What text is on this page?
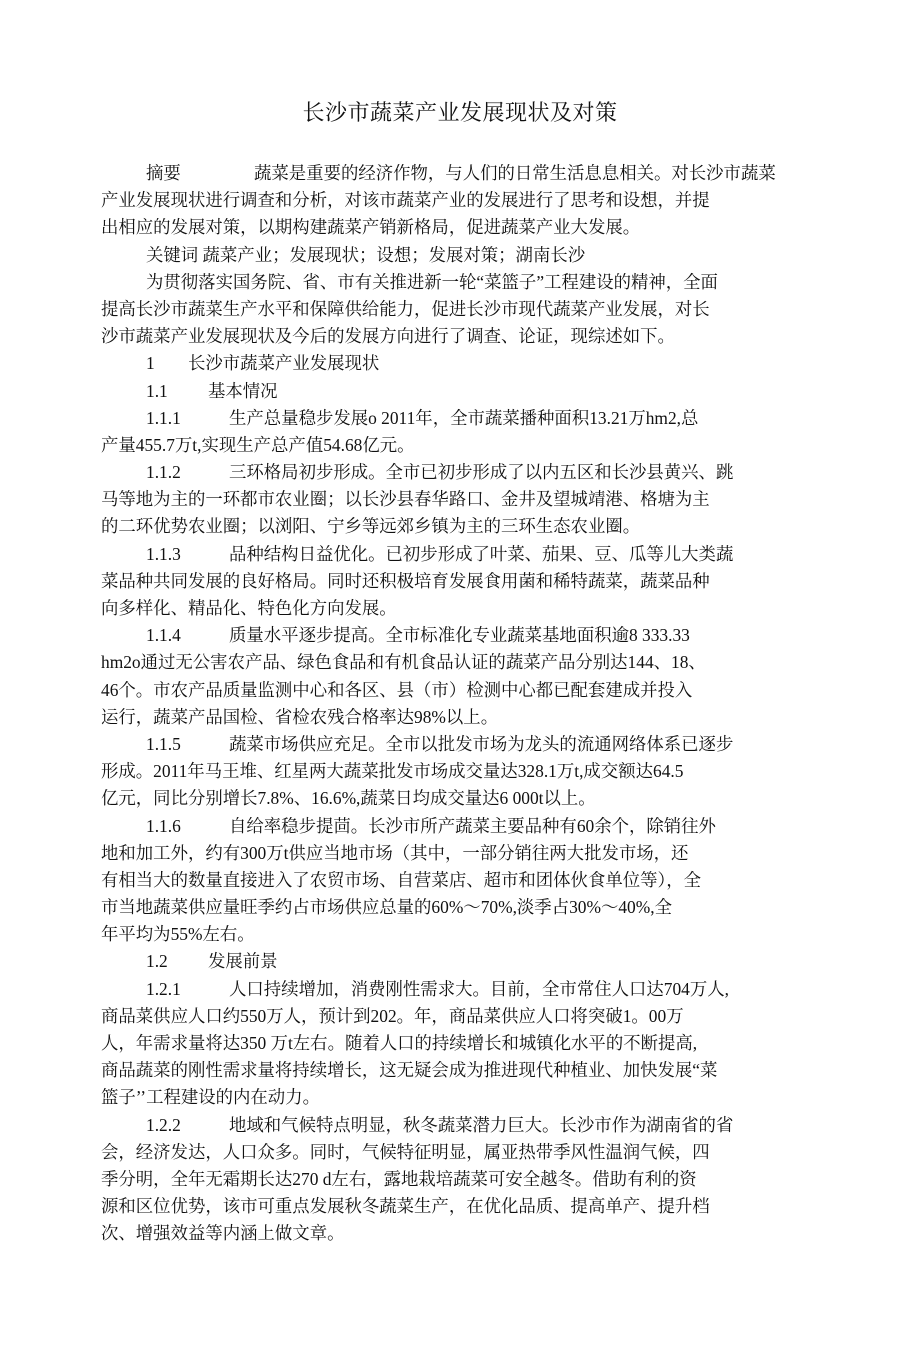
长沙市蔬菜产业发展现状及对策
摘要	蔬菜是重要的经济作物，与人们的日常生活息息相关。对长沙市蔬菜
产业发展现状进行调查和分析，对该市蔬菜产业的发展进行了思考和设想，并提
出相应的发展对策，以期构建蔬菜产销新格局，促进蔬菜产业大发展。
关键词 蔬菜产业；发展现状；设想；发展对策；湖南长沙
为贯彻落实国务院、省、市有关推进新一轮“菜篮子”工程建设的精神，全面
提高长沙市蔬菜生产水平和保障供给能力，促进长沙市现代蔬菜产业发展，对长
沙市蔬菜产业发展现状及今后的发展方向进行了调查、论证，现综述如下。
1 长沙市蔬菜产业发展现状
1.1 基本情况
1.1.1	生产总量稳步发展o 2011年，全市蔬菜播种面积13.21万hm2,总
产量455.7万t,实现生产总产值54.68亿元。
1.1.2	三环格局初步形成。全市已初步形成了以内五区和长沙县黄兴、跳
马等地为主的一环都市农业圈；以长沙县春华路口、金井及望城靖港、格塘为主
的二环优势农业圈；以浏阳、宁乡等远郊乡镇为主的三环生态农业圈。
1.1.3	品种结构日益优化。已初步形成了叶菜、茄果、豆、瓜等儿大类蔬
菜品种共同发展的良好格局。同时还积极培育发展食用菌和稀特蔬菜，蔬菜品种
向多样化、精品化、特色化方向发展。
1.1.4	质量水平逐步提高。全市标准化专业蔬菜基地面积逾8 333.33
hm2o通过无公害农产品、绿色食品和有机食品认证的蔬菜产品分别达144、18、
46个。市农产品质量监测中心和各区、县（市）检测中心都已配套建成并投入
运行，蔬菜产品国检、省检农残合格率达98%以上。
1.1.5	蔬菜市场供应充足。全市以批发市场为龙头的流通网络体系已逐步
形成。2011年马王堆、红星两大蔬菜批发市场成交量达328.1万t,成交额达64.5
亿元，同比分别增长7.8%、16.6%,蔬菜日均成交量达6 000t以上。
1.1.6	自给率稳步提茴。长沙市所产蔬菜主要品种有60余个，除销往外
地和加工外，约有300万t供应当地市场（其中，一部分销往两大批发市场，还
有相当大的数量直接进入了农贸市场、自营菜店、超市和团体伙食单位等），全
市当地蔬菜供应量旺季约占市场供应总量的60%〜70%,淡季占30%〜40%,全
年平均为55%左右。
1.2 发展前景
1.2.1	人口持续增加，消费刚性需求大。目前，全市常住人口达704万人,
商品菜供应人口约550万人，预计到202。年，商品菜供应人口将突破1。00万
人，年需求量将达350 万t左右。随着人口的持续增长和城镇化水平的不断提高,
商品蔬菜的刚性需求量将持续增长，这无疑会成为推进现代种植业、加快发展“菜
篮子’’工程建设的内在动力。
1.2.2	地域和气候特点明显，秋冬蔬菜潜力巨大。长沙市作为湖南省的省
会，经济发达，人口众多。同时，气候特征明显，属亚热带季风性温润气候，四
季分明，全年无霜期长达270 d左右，露地栽培蔬菜可安全越冬。借助有利的资
源和区位优势，该市可重点发展秋冬蔬菜生产，在优化品质、提高单产、提升档
次、增强效益等内涵上做文章。
